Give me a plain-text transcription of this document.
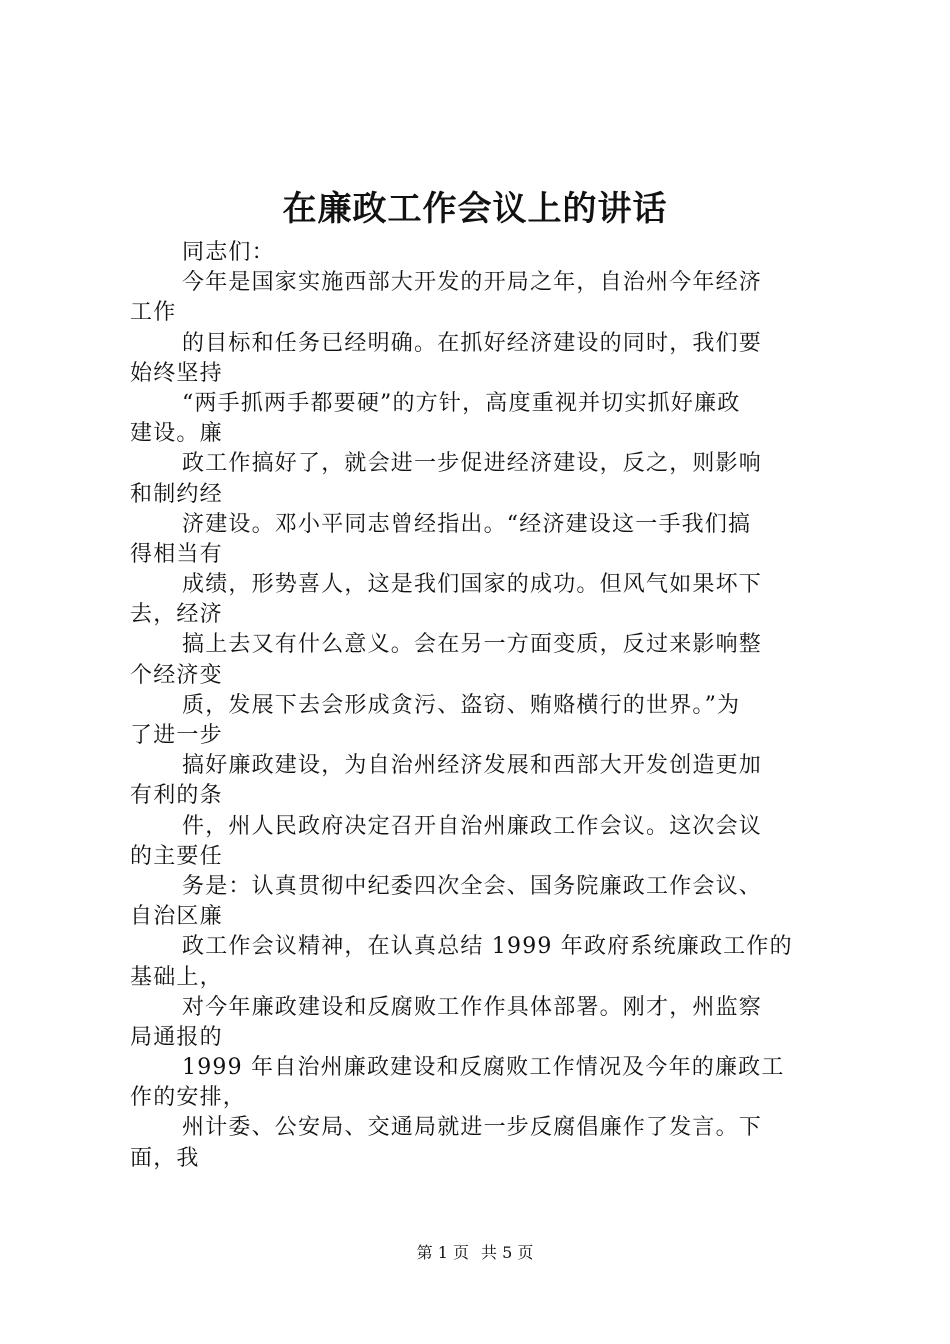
在廉政工作会议上的讲话
同志们：
今年是国家实施西部大开发的开局之年，自治州今年经济
工作
的目标和任务已经明确。在抓好经济建设的同时，我们要
始终坚持
“两手抓两手都要硬”的方针，高度重视并切实抓好廉政
建设。廉
政工作搞好了，就会进一步促进经济建设，反之，则影响
和制约经
济建设。邓小平同志曾经指出。“经济建设这一手我们搞
得相当有
成绩，形势喜人，这是我们国家的成功。但风气如果坏下
去，经济
搞上去又有什么意义。会在另一方面变质，反过来影响整
个经济变
质，发展下去会形成贪污、盗窃、贿赂横行的世界。”为
了进一步
搞好廉政建设，为自治州经济发展和西部大开发创造更加
有利的条
件，州人民政府决定召开自治州廉政工作会议。这次会议
的主要任
务是：认真贯彻中纪委四次全会、国务院廉政工作会议、
自治区廉
政工作会议精神，在认真总结 1999 年政府系统廉政工作的
基础上，
对今年廉政建设和反腐败工作作具体部署。刚才，州监察
局通报的
1999 年自治州廉政建设和反腐败工作情况及今年的廉政工
作的安排，
州计委、公安局、交通局就进一步反腐倡廉作了发言。下
面，我
第 1 页 共 5 页
